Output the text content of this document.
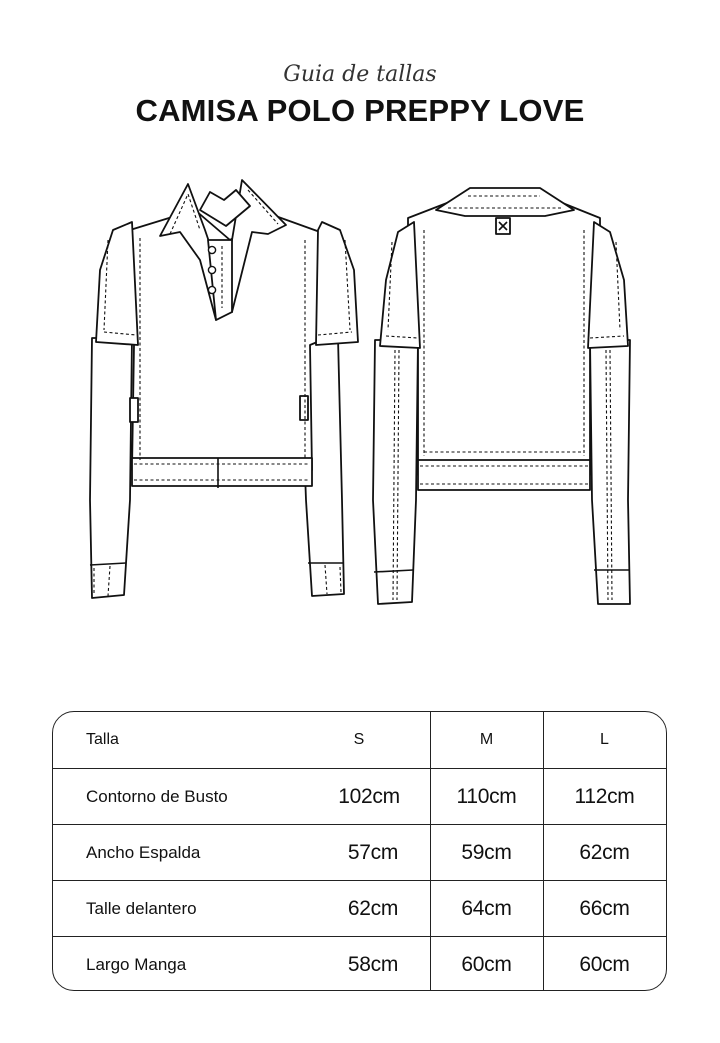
Guia de tallas
CAMISA POLO PREPPY LOVE
Talla	S	M	L
Contorno de Busto	102cm	110cm	112cm
Ancho Espalda	57cm	59cm	62cm
Talle delantero	62cm	64cm	66cm
Largo Manga	58cm	60cm	60cm
